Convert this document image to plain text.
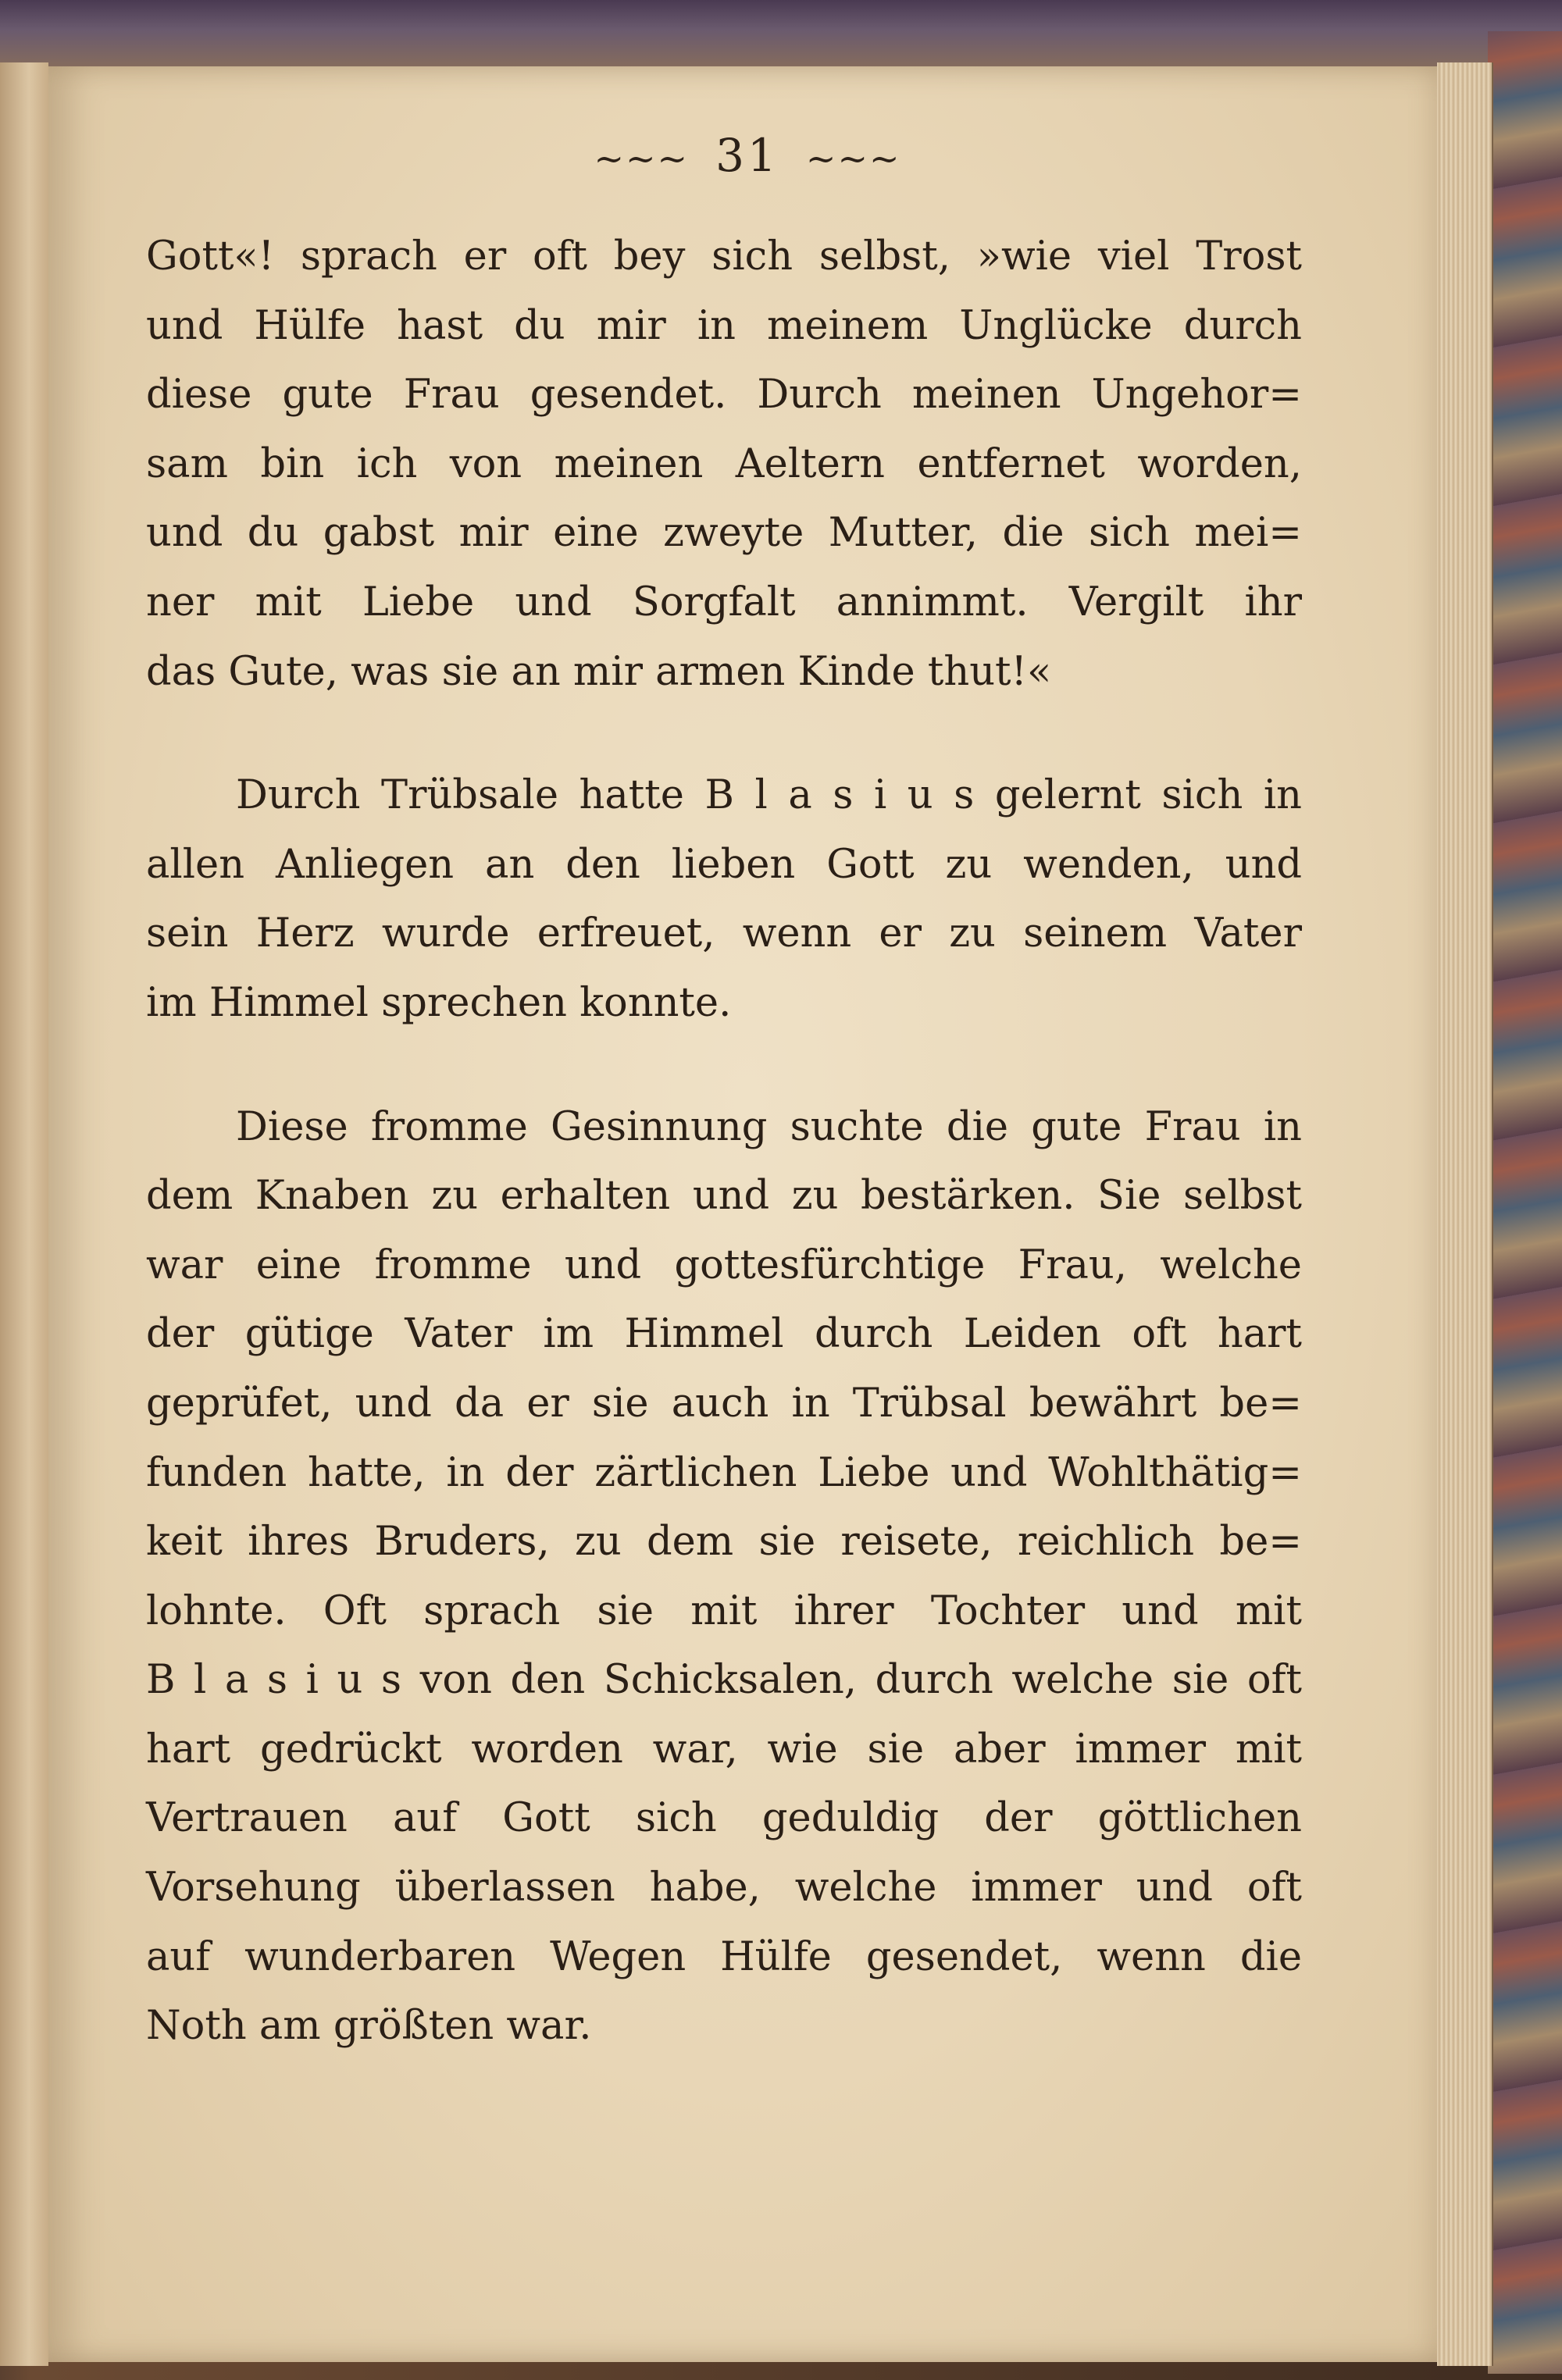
~~~ 31 ~~~
Gott«! sprach er oft bey sich selbst, »wie viel Trost
und Hülfe hast du mir in meinem Unglücke durch
diese gute Frau gesendet. Durch meinen Ungehor=
sam bin ich von meinen Aeltern entfernet worden,
und du gabst mir eine zweyte Mutter, die sich mei=
ner mit Liebe und Sorgfalt annimmt. Vergilt ihr
das Gute, was sie an mir armen Kinde thut!«
Durch Trübsale hatte B l a s i u s gelernt sich in
allen Anliegen an den lieben Gott zu wenden, und
sein Herz wurde erfreuet, wenn er zu seinem Vater
im Himmel sprechen konnte.
Diese fromme Gesinnung suchte die gute Frau in
dem Knaben zu erhalten und zu bestärken. Sie selbst
war eine fromme und gottesfürchtige Frau, welche
der gütige Vater im Himmel durch Leiden oft hart
geprüfet, und da er sie auch in Trübsal bewährt be=
funden hatte, in der zärtlichen Liebe und Wohlthätig=
keit ihres Bruders, zu dem sie reisete, reichlich be=
lohnte. Oft sprach sie mit ihrer Tochter und mit
B l a s i u s von den Schicksalen, durch welche sie oft
hart gedrückt worden war, wie sie aber immer mit
Vertrauen auf Gott sich geduldig der göttlichen
Vorsehung überlassen habe, welche immer und oft
auf wunderbaren Wegen Hülfe gesendet, wenn die
Noth am größten war.
